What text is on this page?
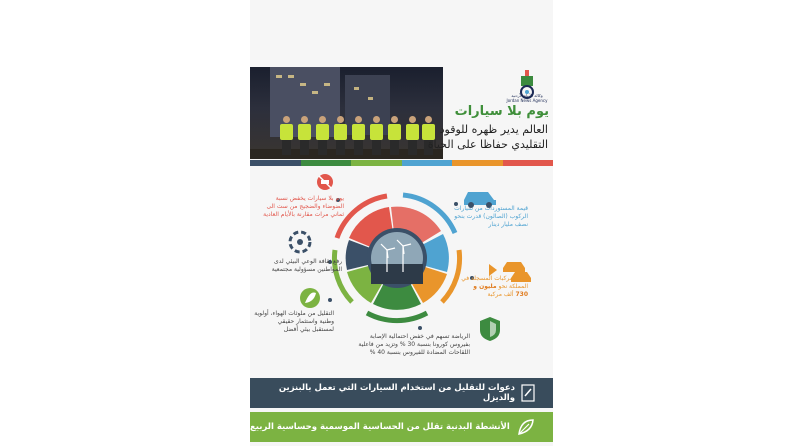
وكالة الأنباء الأردنية
Jordan News Agency
يوم بلا سيارات
العالم يدير ظهره للوقود
التقليدي حفاظا على الحياة
يوم بلا سيارات يخفض نسبة الضوضاء والضجيج من ست الى ثماني مرات مقارنة بالأيام العادية
قيمة المستوردات من سيارات الركوب (الصالون) قدرت بنحو نصف مليار دينار
رفع ثقافة الوعي البيئي لدى المواطنين مسؤولية مجتمعية
عدد المركبات المسجلة في المملكة نحو مليون و 730 ألف مركبة
التقليل من ملوثات الهواء، أولوية وطنية واستثمار حقيقي لمستقبل بيئي أفضل
الرياضة تسهم في خفض احتمالية الإصابة بفيروس كورونا بنسبة 30 % وتزيد من فاعلية اللقاحات المضادة للفيروس بنسبة 40 %
دعوات للتقليل من استخدام السيارات التي تعمل بالبنزين والديزل
الأنشطة البدنية تقلل من الحساسية الموسمية وحساسية الربيع
